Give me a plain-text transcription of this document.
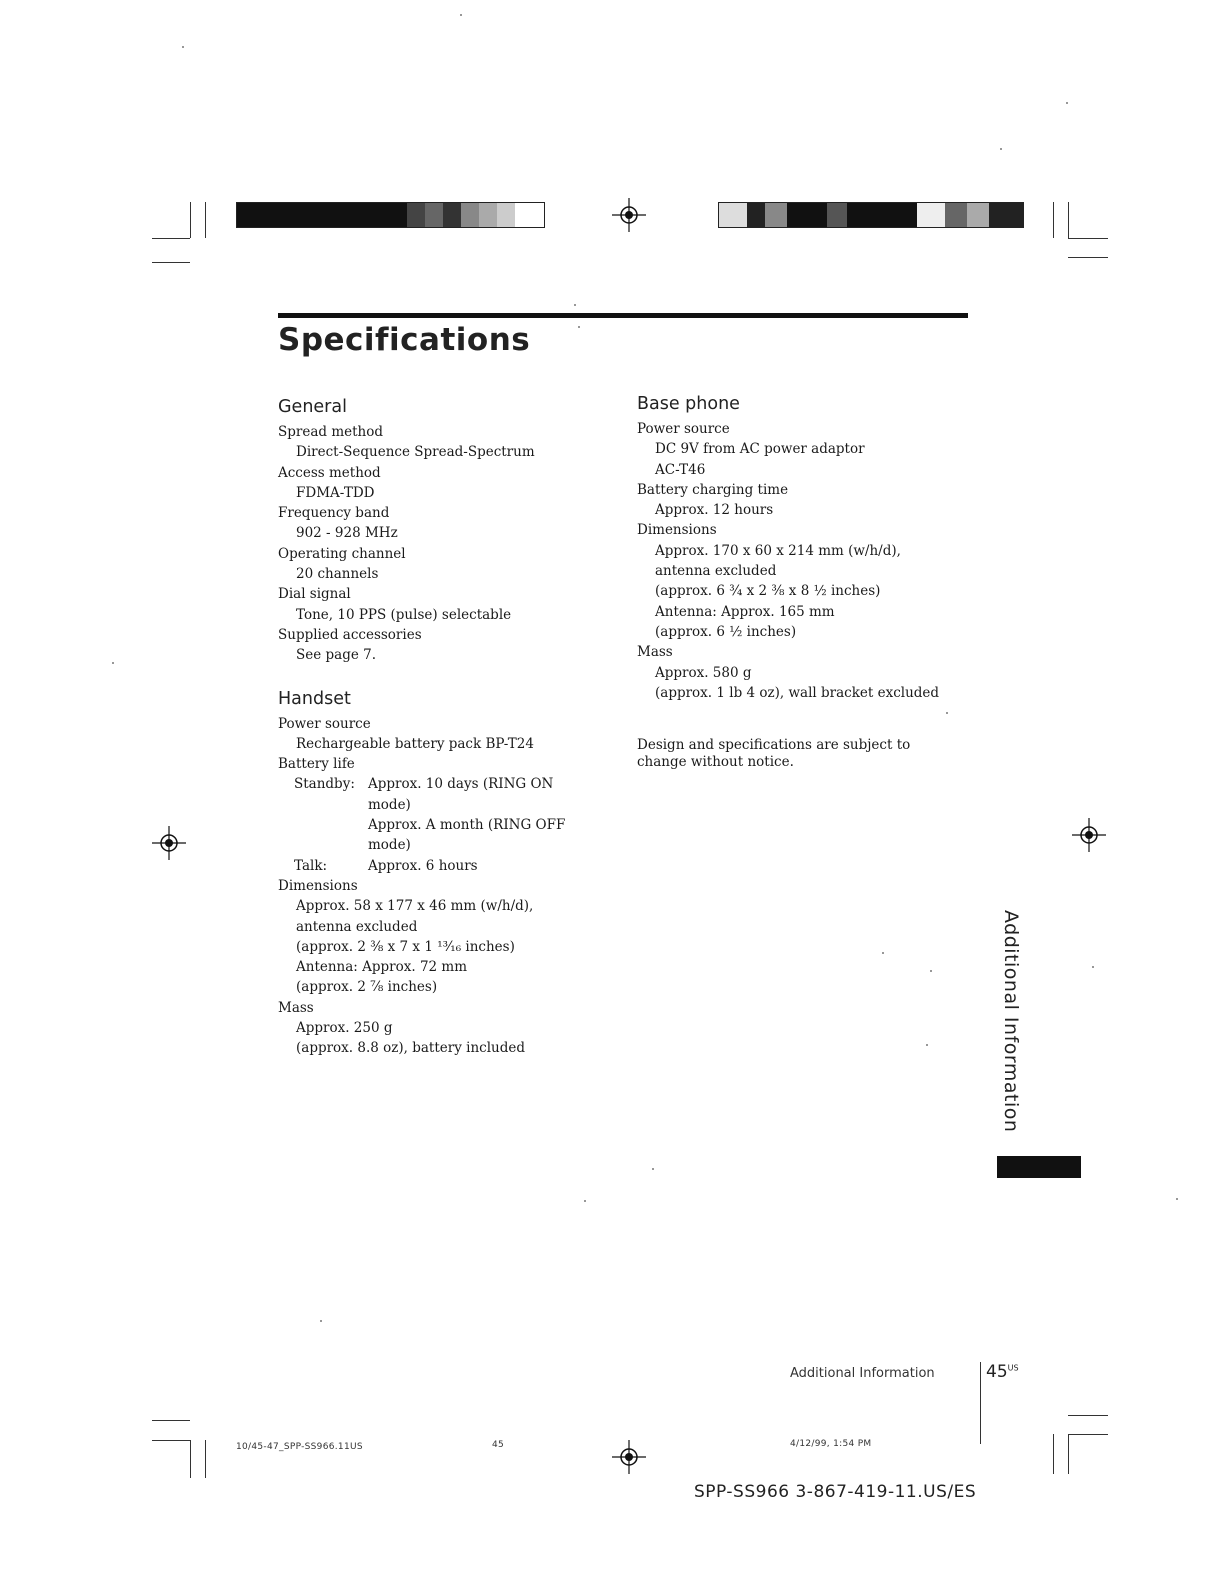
Specifications
General

Spread method

Direct-Sequence Spread-Spectrum

Access method

FDMA-TDD

Frequency band

902 - 928 MHz

Operating channel

20 channels

Dial signal

Tone, 10 PPS (pulse) selectable

Supplied accessories

See page 7.

Handset

Power source

Rechargeable battery pack BP-T24

Battery life

Standby: Approx. 10 days (RING ON

mode)

Approx. A month (RING OFF

mode)

Talk:	Approx. 6 hours

Dimensions

Approx. 58 x 177 x 46 mm (w/h/d),

antenna excluded

(approx. 2 ⅜ x 7 x 1 ¹³⁄₁₆ inches)

Antenna: Approx. 72 mm

(approx. 2 ⅞ inches)

Mass

Approx. 250 g

(approx. 8.8 oz), battery included

Base phone

Power source

DC 9V from AC power adaptor

AC-T46

Battery charging time

Approx. 12 hours

Dimensions

Approx. 170 x 60 x 214 mm (w/h/d),

antenna excluded

(approx. 6 ¾ x 2 ⅜ x 8 ½ inches)

Antenna: Approx. 165 mm

(approx. 6 ½ inches)

Mass

Approx. 580 g

(approx. 1 lb 4 oz), wall bracket excluded

Design and specifications are subject to
change without notice.
Additional Information
Additional Information	$45^{US}$
10/45-47_SPP-SS966.11US	45	4/12/99, 1:54 PM
SPP-SS966 3-867-419-11.US/ES
